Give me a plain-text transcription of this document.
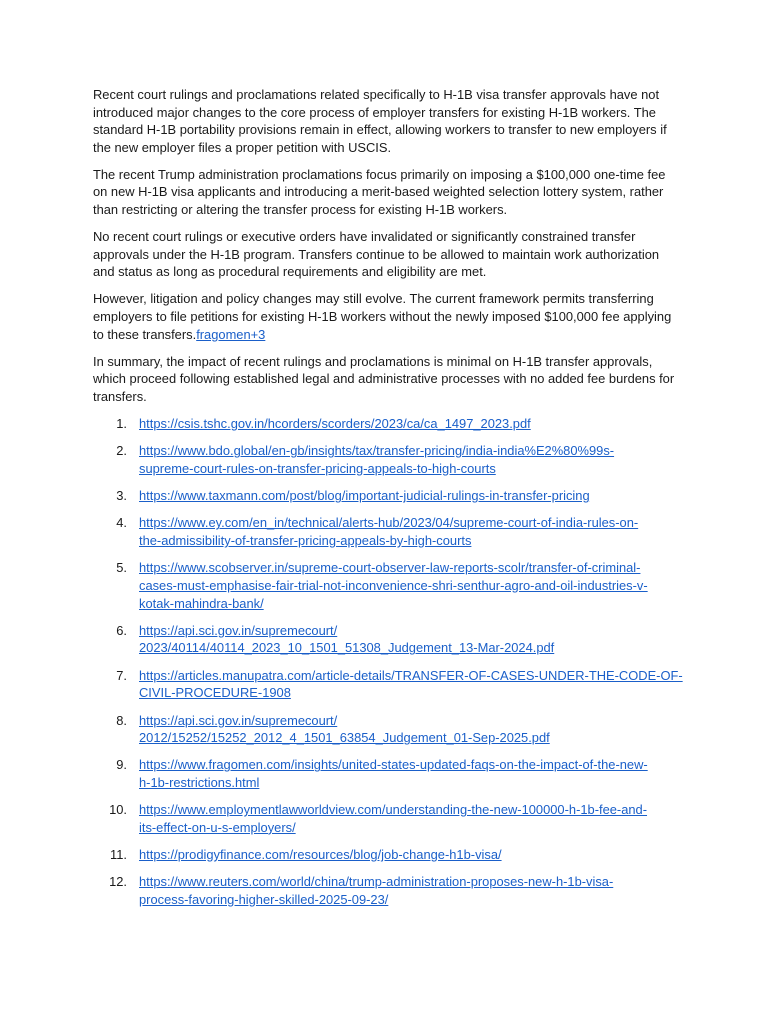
Recent court rulings and proclamations related specifically to H-1B visa transfer approvals have not introduced major changes to the core process of employer transfers for existing H-1B workers. The standard H-1B portability provisions remain in effect, allowing workers to transfer to new employers if the new employer files a proper petition with USCIS.

The recent Trump administration proclamations focus primarily on imposing a $100,000 one-time fee on new H-1B visa applicants and introducing a merit-based weighted selection lottery system, rather than restricting or altering the transfer process for existing H-1B workers.

No recent court rulings or executive orders have invalidated or significantly constrained transfer approvals under the H-1B program. Transfers continue to be allowed to maintain work authorization and status as long as procedural requirements and eligibility are met.

However, litigation and policy changes may still evolve. The current framework permits transferring employers to file petitions for existing H-1B workers without the newly imposed $100,000 fee applying to these transfers.fragomen+3

In summary, the impact of recent rulings and proclamations is minimal on H-1B transfer approvals, which proceed following established legal and administrative processes with no added fee burdens for transfers.

1. https://csis.tshc.gov.in/hcorders/scorders/2023/ca/ca_1497_2023.pdf
2. https://www.bdo.global/en-gb/insights/tax/transfer-pricing/india-india%E2%80%99s-
supreme-court-rules-on-transfer-pricing-appeals-to-high-courts
3. https://www.taxmann.com/post/blog/important-judicial-rulings-in-transfer-pricing
4. https://www.ey.com/en_in/technical/alerts-hub/2023/04/supreme-court-of-india-rules-on-
the-admissibility-of-transfer-pricing-appeals-by-high-courts
5. https://www.scobserver.in/supreme-court-observer-law-reports-scolr/transfer-of-criminal-
cases-must-emphasise-fair-trial-not-inconvenience-shri-senthur-agro-and-oil-industries-v-
kotak-mahindra-bank/
6. https://api.sci.gov.in/supremecourt/
2023/40114/40114_2023_10_1501_51308_Judgement_13-Mar-2024.pdf
7. https://articles.manupatra.com/article-details/TRANSFER-OF-CASES-UNDER-THE-CODE-OF-
CIVIL-PROCEDURE-1908
8. https://api.sci.gov.in/supremecourt/
2012/15252/15252_2012_4_1501_63854_Judgement_01-Sep-2025.pdf
9. https://www.fragomen.com/insights/united-states-updated-faqs-on-the-impact-of-the-new-
h-1b-restrictions.html
10. https://www.employmentlawworldview.com/understanding-the-new-100000-h-1b-fee-and-
its-effect-on-u-s-employers/
11. https://prodigyfinance.com/resources/blog/job-change-h1b-visa/
12. https://www.reuters.com/world/china/trump-administration-proposes-new-h-1b-visa-
process-favoring-higher-skilled-2025-09-23/
